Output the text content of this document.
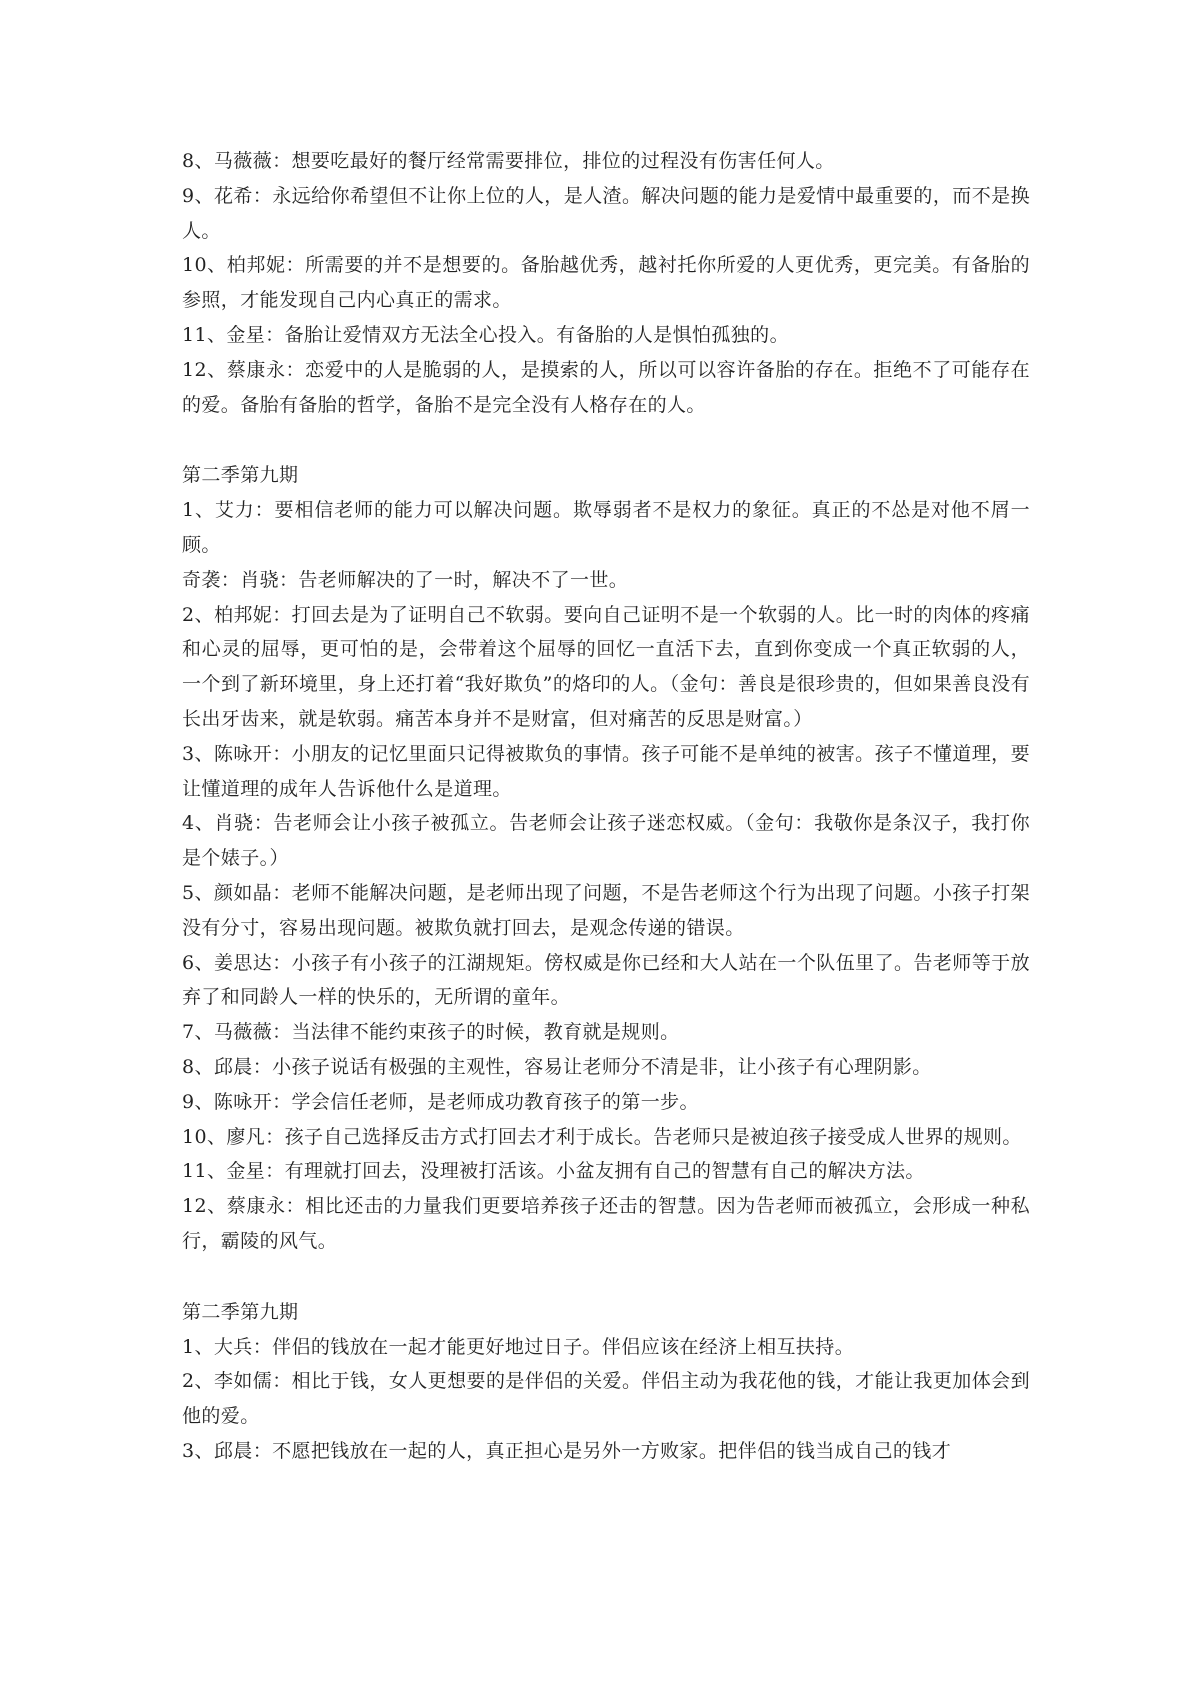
8、马薇薇：想要吃最好的餐厅经常需要排位，排位的过程没有伤害任何人。

9、花希：永远给你希望但不让你上位的人，是人渣。解决问题的能力是爱情中最重要的，而不是换人。

10、柏邦妮：所需要的并不是想要的。备胎越优秀，越衬托你所爱的人更优秀，更完美。有备胎的参照，才能发现自己内心真正的需求。

11、金星：备胎让爱情双方无法全心投入。有备胎的人是惧怕孤独的。

12、蔡康永：恋爱中的人是脆弱的人，是摸索的人，所以可以容许备胎的存在。拒绝不了可能存在的爱。备胎有备胎的哲学，备胎不是完全没有人格存在的人。

第二季第九期

1、艾力：要相信老师的能力可以解决问题。欺辱弱者不是权力的象征。真正的不怂是对他不屑一顾。

奇袭：肖骁：告老师解决的了一时，解决不了一世。

2、柏邦妮：打回去是为了证明自己不软弱。要向自己证明不是一个软弱的人。比一时的肉体的疼痛和心灵的屈辱，更可怕的是，会带着这个屈辱的回忆一直活下去，直到你变成一个真正软弱的人，一个到了新环境里，身上还打着“我好欺负”的烙印的人。（金句：善良是很珍贵的，但如果善良没有长出牙齿来，就是软弱。痛苦本身并不是财富，但对痛苦的反思是财富。）

3、陈咏开：小朋友的记忆里面只记得被欺负的事情。孩子可能不是单纯的被害。孩子不懂道理，要让懂道理的成年人告诉他什么是道理。

4、肖骁：告老师会让小孩子被孤立。告老师会让孩子迷恋权威。（金句：我敬你是条汉子，我打你是个婊子。）

5、颜如晶：老师不能解决问题，是老师出现了问题，不是告老师这个行为出现了问题。小孩子打架没有分寸，容易出现问题。被欺负就打回去，是观念传递的错误。

6、姜思达：小孩子有小孩子的江湖规矩。傍权威是你已经和大人站在一个队伍里了。告老师等于放弃了和同龄人一样的快乐的，无所谓的童年。

7、马薇薇：当法律不能约束孩子的时候，教育就是规则。

8、邱晨：小孩子说话有极强的主观性，容易让老师分不清是非，让小孩子有心理阴影。

9、陈咏开：学会信任老师，是老师成功教育孩子的第一步。

10、廖凡：孩子自己选择反击方式打回去才利于成长。告老师只是被迫孩子接受成人世界的规则。

11、金星：有理就打回去，没理被打活该。小盆友拥有自己的智慧有自己的解决方法。

12、蔡康永：相比还击的力量我们更要培养孩子还击的智慧。因为告老师而被孤立，会形成一种私行，霸陵的风气。

第二季第九期

1、大兵：伴侣的钱放在一起才能更好地过日子。伴侣应该在经济上相互扶持。

2、李如儒：相比于钱，女人更想要的是伴侣的关爱。伴侣主动为我花他的钱，才能让我更加体会到他的爱。

3、邱晨：不愿把钱放在一起的人，真正担心是另外一方败家。把伴侣的钱当成自己的钱才
